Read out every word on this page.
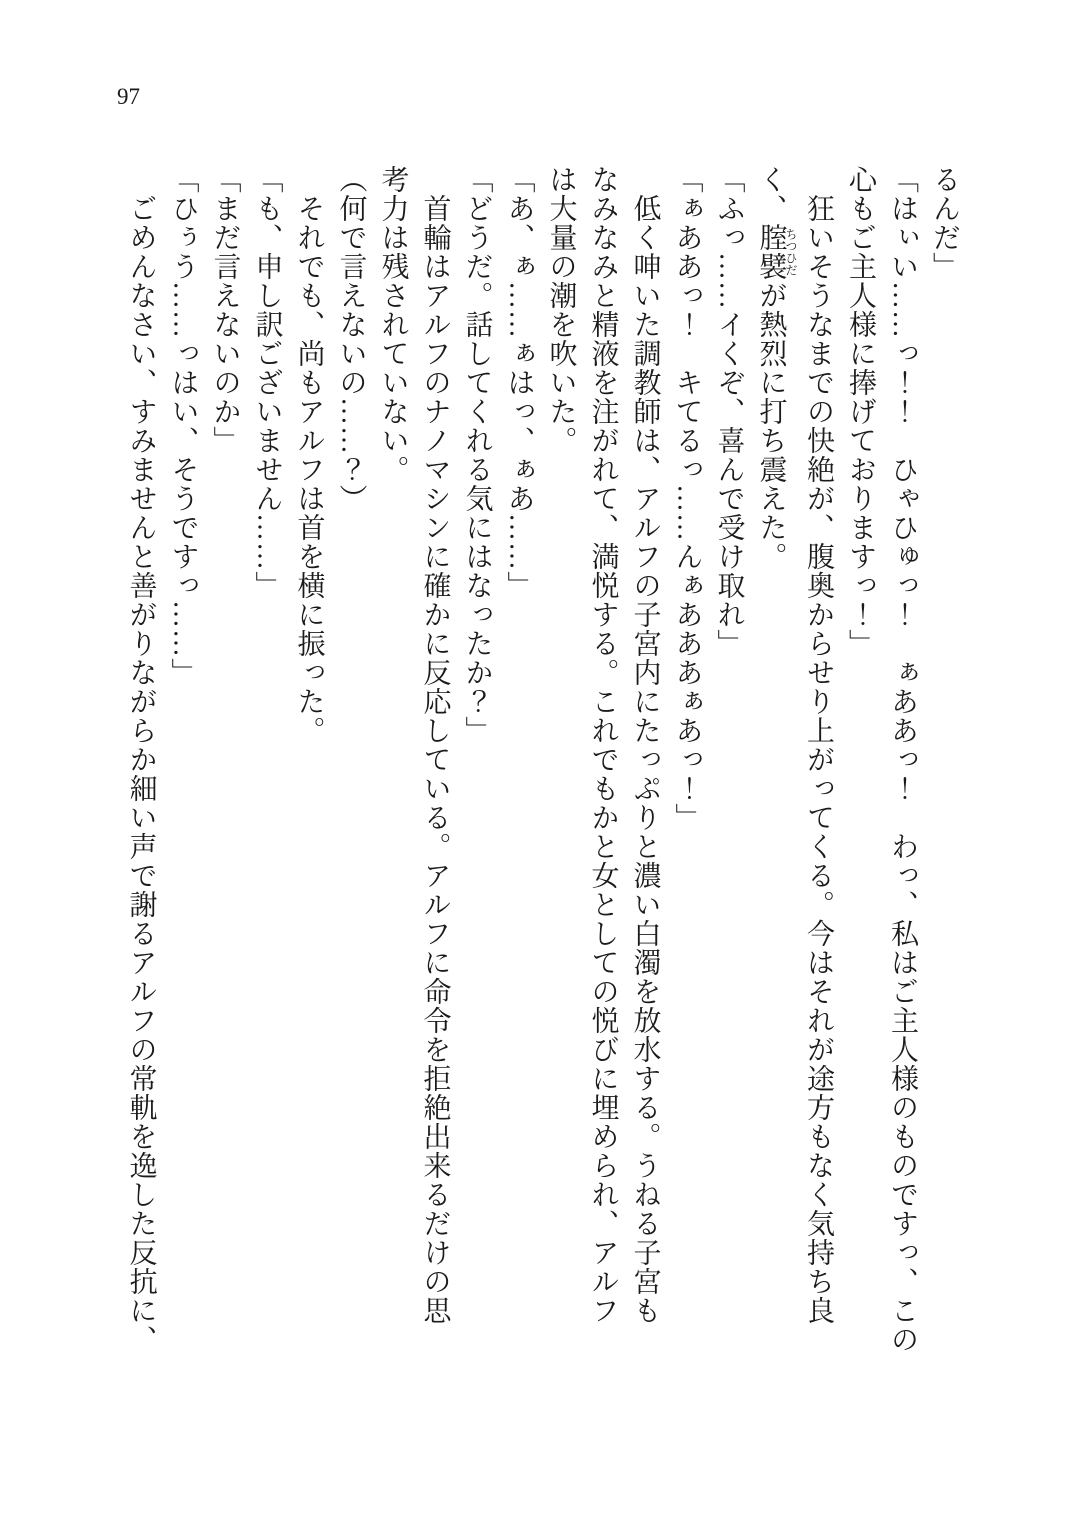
97

るんだ」

「はぃい……っ！！　ひゃひゅっ！　ぁああっ！　わっ、私はご主人様のものですっ、この

心もご主人様に捧げておりますっ！」

　狂いそうなまでの快絶が、腹奥からせり上がってくる。今はそれが途方もなく気持ち良

く、腟襞ちつひだが熱烈に打ち震えた。

「ふっ……イくぞ、喜んで受け取れ」

「ぁああっ！　キてるっ……んぁあああぁあっ！」

　低く呻いた調教師は、アルフの子宮内にたっぷりと濃い白濁を放水する。うねる子宮も

なみなみと精液を注がれて、満悦する。これでもかと女としての悦びに埋められ、アルフ

は大量の潮を吹いた。

「あ、ぁ……ぁはっ、ぁあ……」

「どうだ。話してくれる気にはなったか？」

　首輪はアルフのナノマシンに確かに反応している。アルフに命令を拒絶出来るだけの思

考力は残されていない。

（何で言えないの……？）

　それでも、尚もアルフは首を横に振った。

「も、申し訳ございません……」

「まだ言えないのか」

「ひぅう……っはい、そうですっ……」

　ごめんなさい、すみませんと善がりながらか細い声で謝るアルフの常軌を逸した反抗に、
